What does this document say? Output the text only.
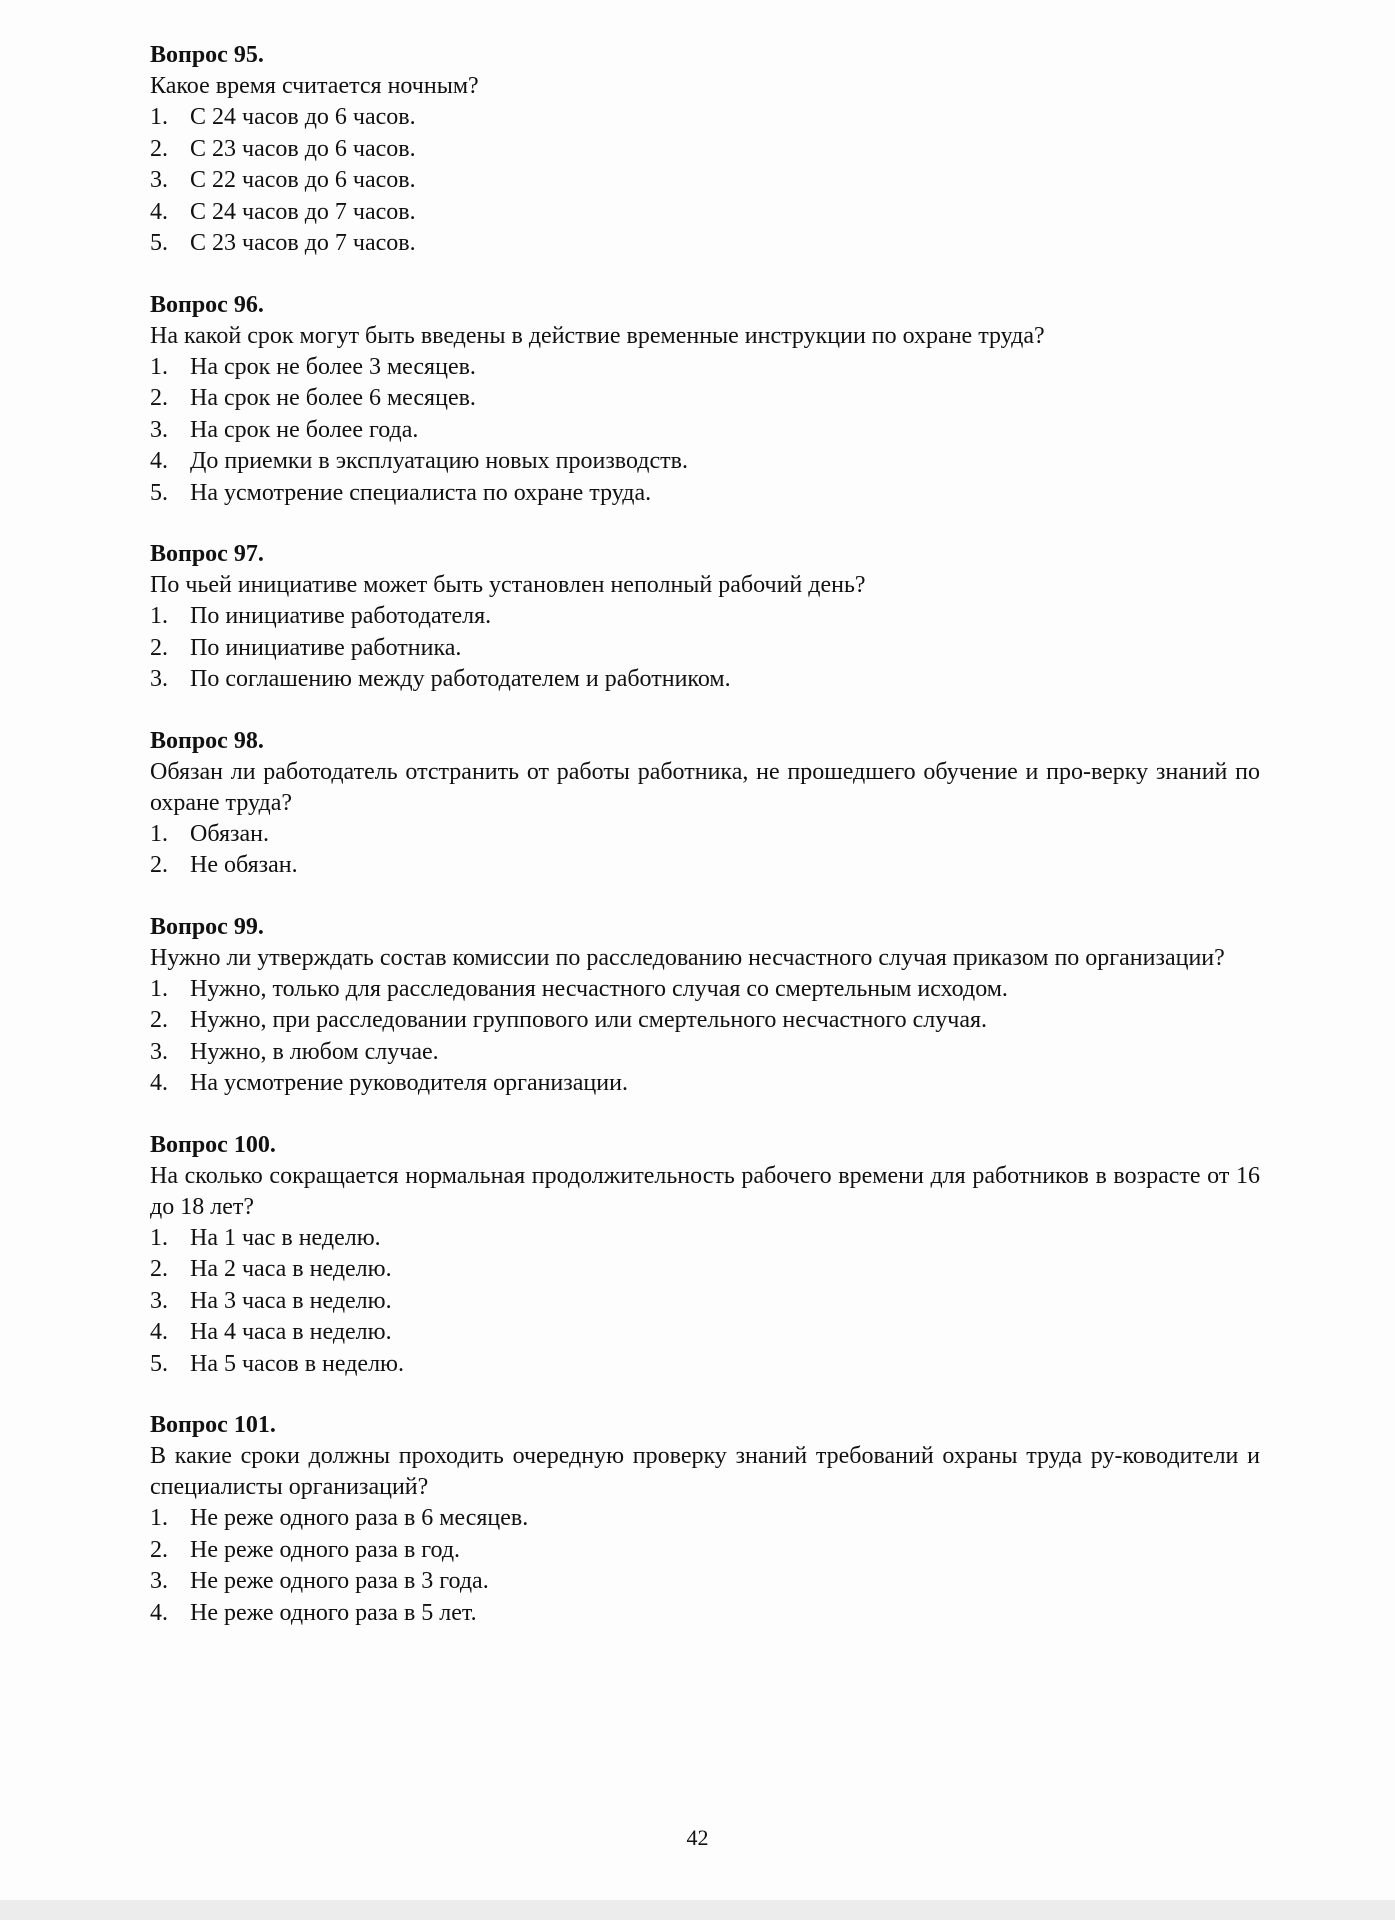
Вопрос 95.
Какое время считается ночным?
1. С 24 часов до 6 часов.
2. С 23 часов до 6 часов.
3. С 22 часов до 6 часов.
4. С 24 часов до 7 часов.
5. С 23 часов до 7 часов.
Вопрос 96.
На какой срок могут быть введены в действие временные инструкции по охране труда?
1. На срок не более 3 месяцев.
2. На срок не более 6 месяцев.
3. На срок не более года.
4. До приемки в эксплуатацию новых производств.
5. На усмотрение специалиста по охране труда.
Вопрос 97.
По чьей инициативе может быть установлен неполный рабочий день?
1. По инициативе работодателя.
2. По инициативе работника.
3. По соглашению между работодателем и работником.
Вопрос 98.
Обязан ли работодатель отстранить от работы работника, не прошедшего обучение и про-верку знаний по охране труда?
1. Обязан.
2. Не обязан.
Вопрос 99.
Нужно ли утверждать состав комиссии по расследованию несчастного случая приказом по организации?
1. Нужно, только для расследования несчастного случая со смертельным исходом.
2. Нужно, при расследовании группового или смертельного несчастного случая.
3. Нужно, в любом случае.
4. На усмотрение руководителя организации.
Вопрос 100.
На сколько сокращается нормальная продолжительность рабочего времени для работников в возрасте от 16 до 18 лет?
1. На 1 час в неделю.
2. На 2 часа в неделю.
3. На 3 часа в неделю.
4. На 4 часа в неделю.
5. На 5 часов в неделю.
Вопрос 101.
В какие сроки должны проходить очередную проверку знаний требований охраны труда ру-ководители и специалисты организаций?
1. Не реже одного раза в 6 месяцев.
2. Не реже одного раза в год.
3. Не реже одного раза в 3 года.
4. Не реже одного раза в 5 лет.
42
